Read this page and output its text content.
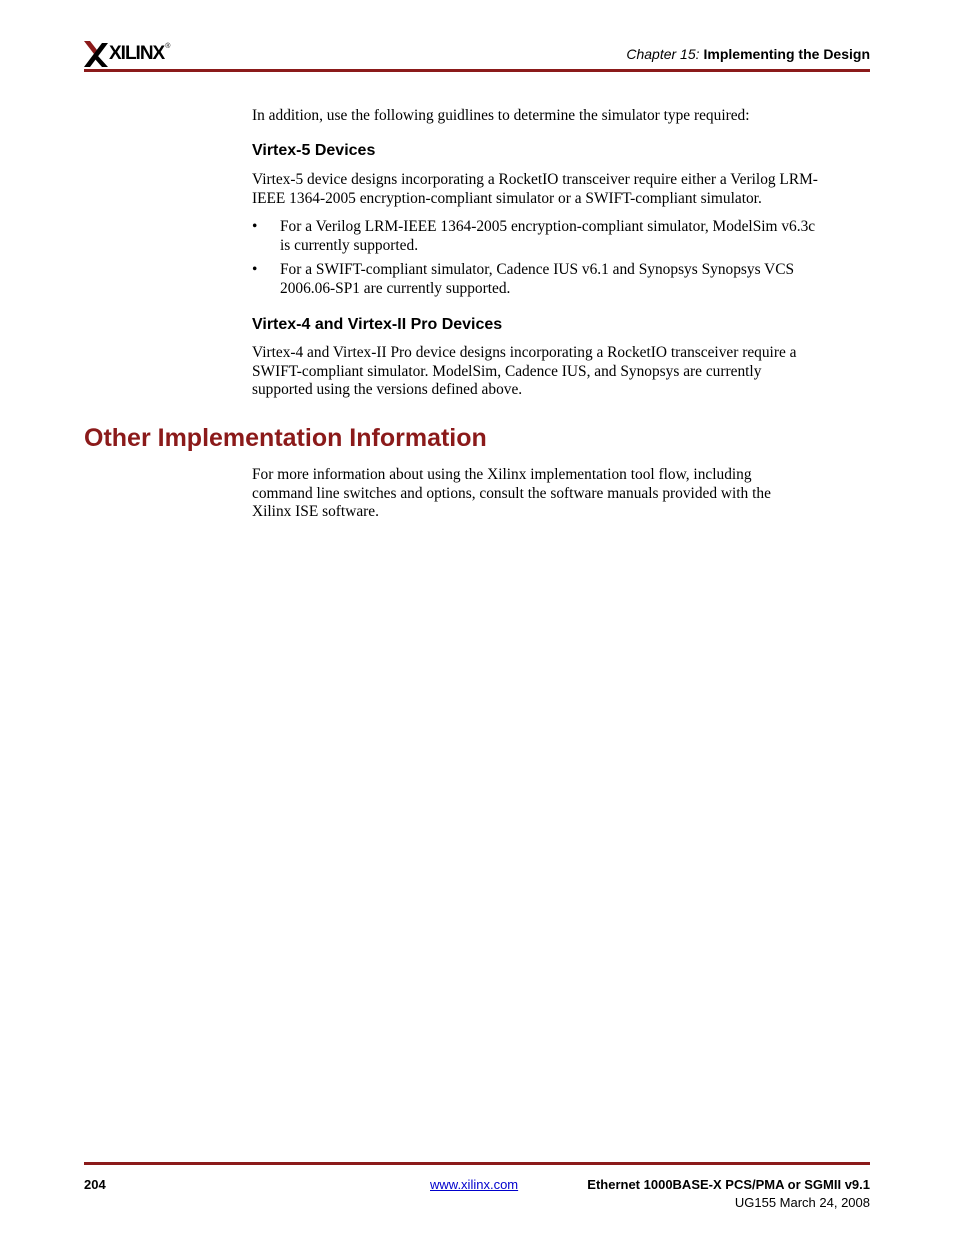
XILINX ®	Chapter 15: Implementing the Design

In addition, use the following guidlines to determine the simulator type required:

Virtex-5 Devices

Virtex-5 device designs incorporating a RocketIO transceiver require either a Verilog LRM-
IEEE 1364-2005 encryption-compliant simulator or a SWIFT-compliant simulator.

• For a Verilog LRM-IEEE 1364-2005 encryption-compliant simulator, ModelSim v6.3c
is currently supported.

• For a SWIFT-compliant simulator, Cadence IUS v6.1 and Synopsys Synopsys VCS
2006.06-SP1 are currently supported.

Virtex-4 and Virtex-II Pro Devices

Virtex-4 and Virtex-II Pro device designs incorporating a RocketIO transceiver require a
SWIFT-compliant simulator. ModelSim, Cadence IUS, and Synopsys are currently
supported using the versions defined above.

Other Implementation Information

For more information about using the Xilinx implementation tool flow, including
command line switches and options, consult the software manuals provided with the
Xilinx ISE software.

204	www.xilinx.com	Ethernet 1000BASE-X PCS/PMA or SGMII v9.1
UG155 March 24, 2008
